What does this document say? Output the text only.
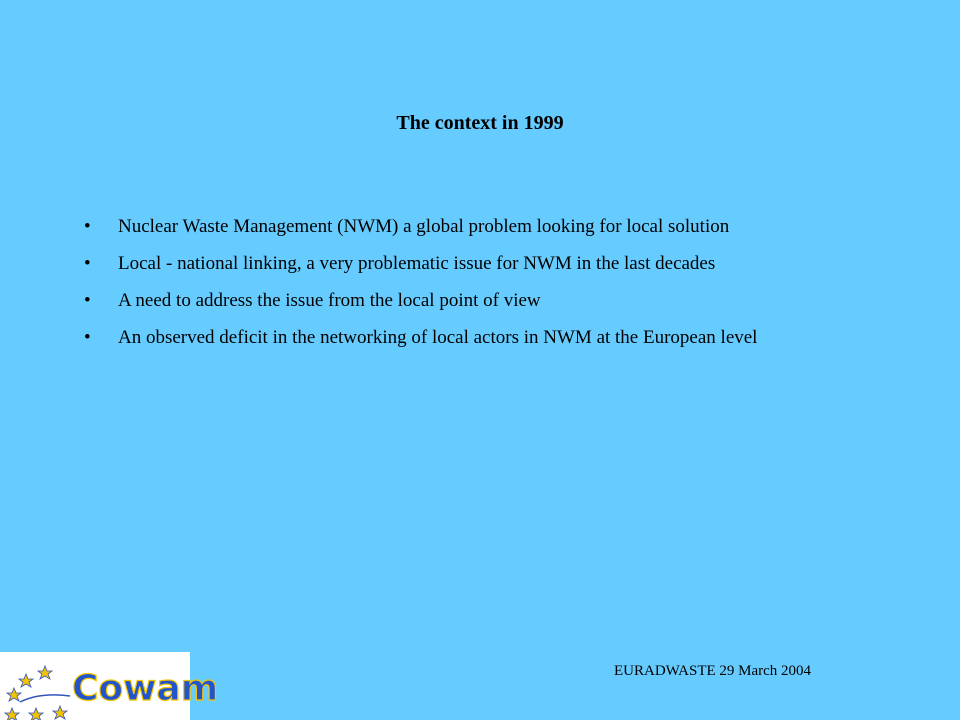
The context in 1999
• Nuclear Waste Management (NWM) a global problem looking for local solution
• Local - national linking, a very problematic issue for NWM in the last decades
• A need to address the issue from the local point of view
• An observed deficit in the networking of local actors in NWM at the European level
Cowam	EURADWASTE 29 March 2004
